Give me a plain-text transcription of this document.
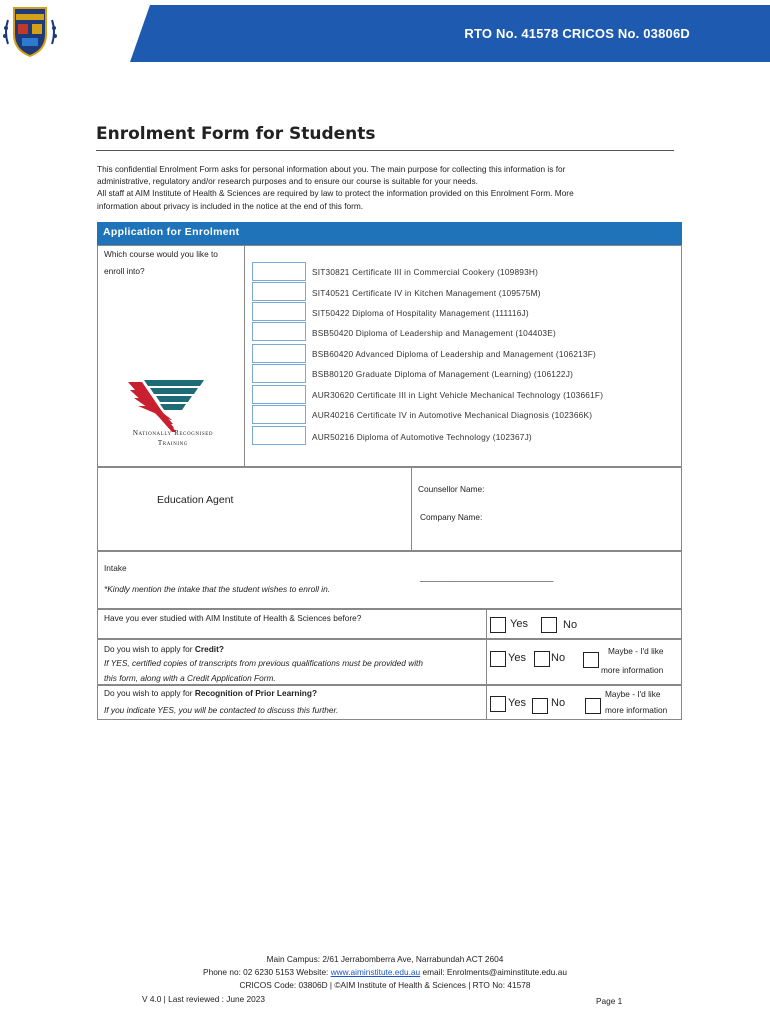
RTO No. 41578 CRICOS No. 03806D
Enrolment Form for Students

This confidential Enrolment Form asks for personal information about you. The main purpose for collecting this information is for

administrative, regulatory and/or research purposes and to ensure our course is suitable for your needs.

All staff at AIM Institute of Health & Sciences are required by law to protect the information provided on this Enrolment Form. More

information about privacy is included in the notice at the end of this form.

Application for Enrolment
Which course would you like to
enroll into?	SIT30821 Certificate III in Commercial Cookery (109893H)
SIT40521 Certificate IV in Kitchen Management (109575M)
SIT50422 Diploma of Hospitality Management (111116J)
BSB50420 Diploma of Leadership and Management (104403E)
BSB60420 Advanced Diploma of Leadership and Management (106213F)
BSB80120 Graduate Diploma of Management (Learning) (106122J)
AUR30620 Certificate III in Light Vehicle Mechanical Technology (103661F)
AUR40216 Certificate IV in Automotive Mechanical Diagnosis (102366K)
AUR50216 Diploma of Automotive Technology (102367J)
Nationally Recognised
Training
Education Agent
Counsellor Name:
Company Name:
Intake
*Kindly mention the intake that the student wishes to enroll in.
______________________________
Have you ever studied with AIM Institute of Health & Sciences before?	Yes	No
Do you wish to apply for Credit?
If YES, certified copies of transcripts from previous qualifications must be provided with
this form, along with a Credit Application Form.
Yes No
Maybe - I'd like
more information
Do you wish to apply for Recognition of Prior Learning?
If you indicate YES, you will be contacted to discuss this further.
Yes No
Maybe - I'd like
more information
Main Campus: 2/61 Jerrabomberra Ave, Narrabundah ACT 2604
Phone no: 02 6230 5153 Website: www.aiminstitute.edu.au email: Enrolments@aiminstitute.edu.au
CRICOS Code: 03806D | ©AIM Institute of Health & Sciences | RTO No: 41578
V 4.0 | Last reviewed : June 2023	Page 1
